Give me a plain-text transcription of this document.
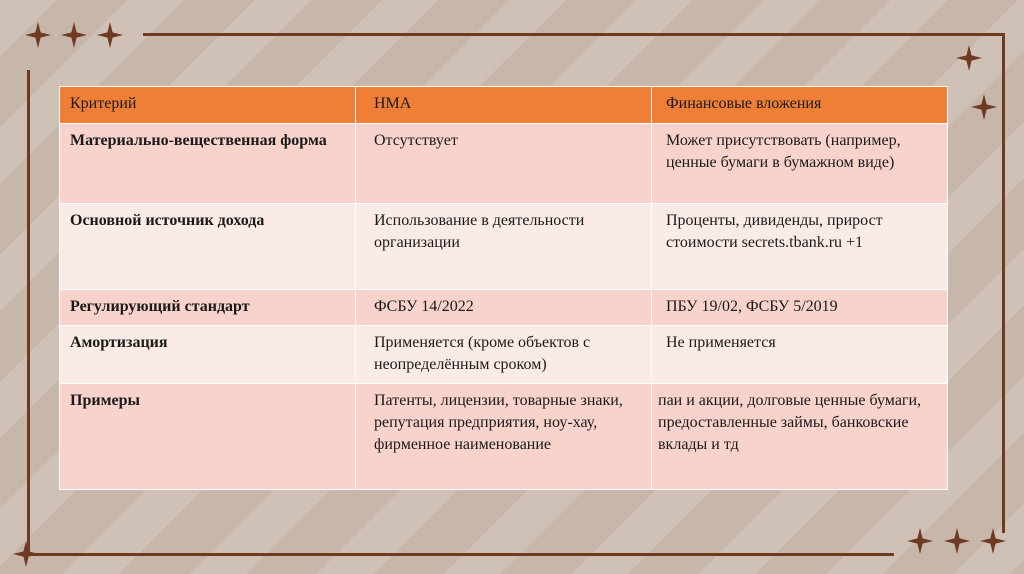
Критерий	НМА	Финансовые вложения
Материально-вещественная форма	Отсутствует	Может присутствовать (например, ценные бумаги в бумажном виде)
Основной источник дохода	Использование в деятельности организации	Проценты, дивиденды, прирост стоимости secrets.tbank.ru +1
Регулирующий стандарт	ФСБУ 14/2022	ПБУ 19/02, ФСБУ 5/2019
Амортизация	Применяется (кроме объектов с неопределённым сроком)	Не применяется
Примеры	Патенты, лицензии, товарные знаки, репутация предприятия, ноу-хау, фирменное наименование	паи и акции, долговые ценные бумаги, предоставленные займы, банковские вклады и тд
